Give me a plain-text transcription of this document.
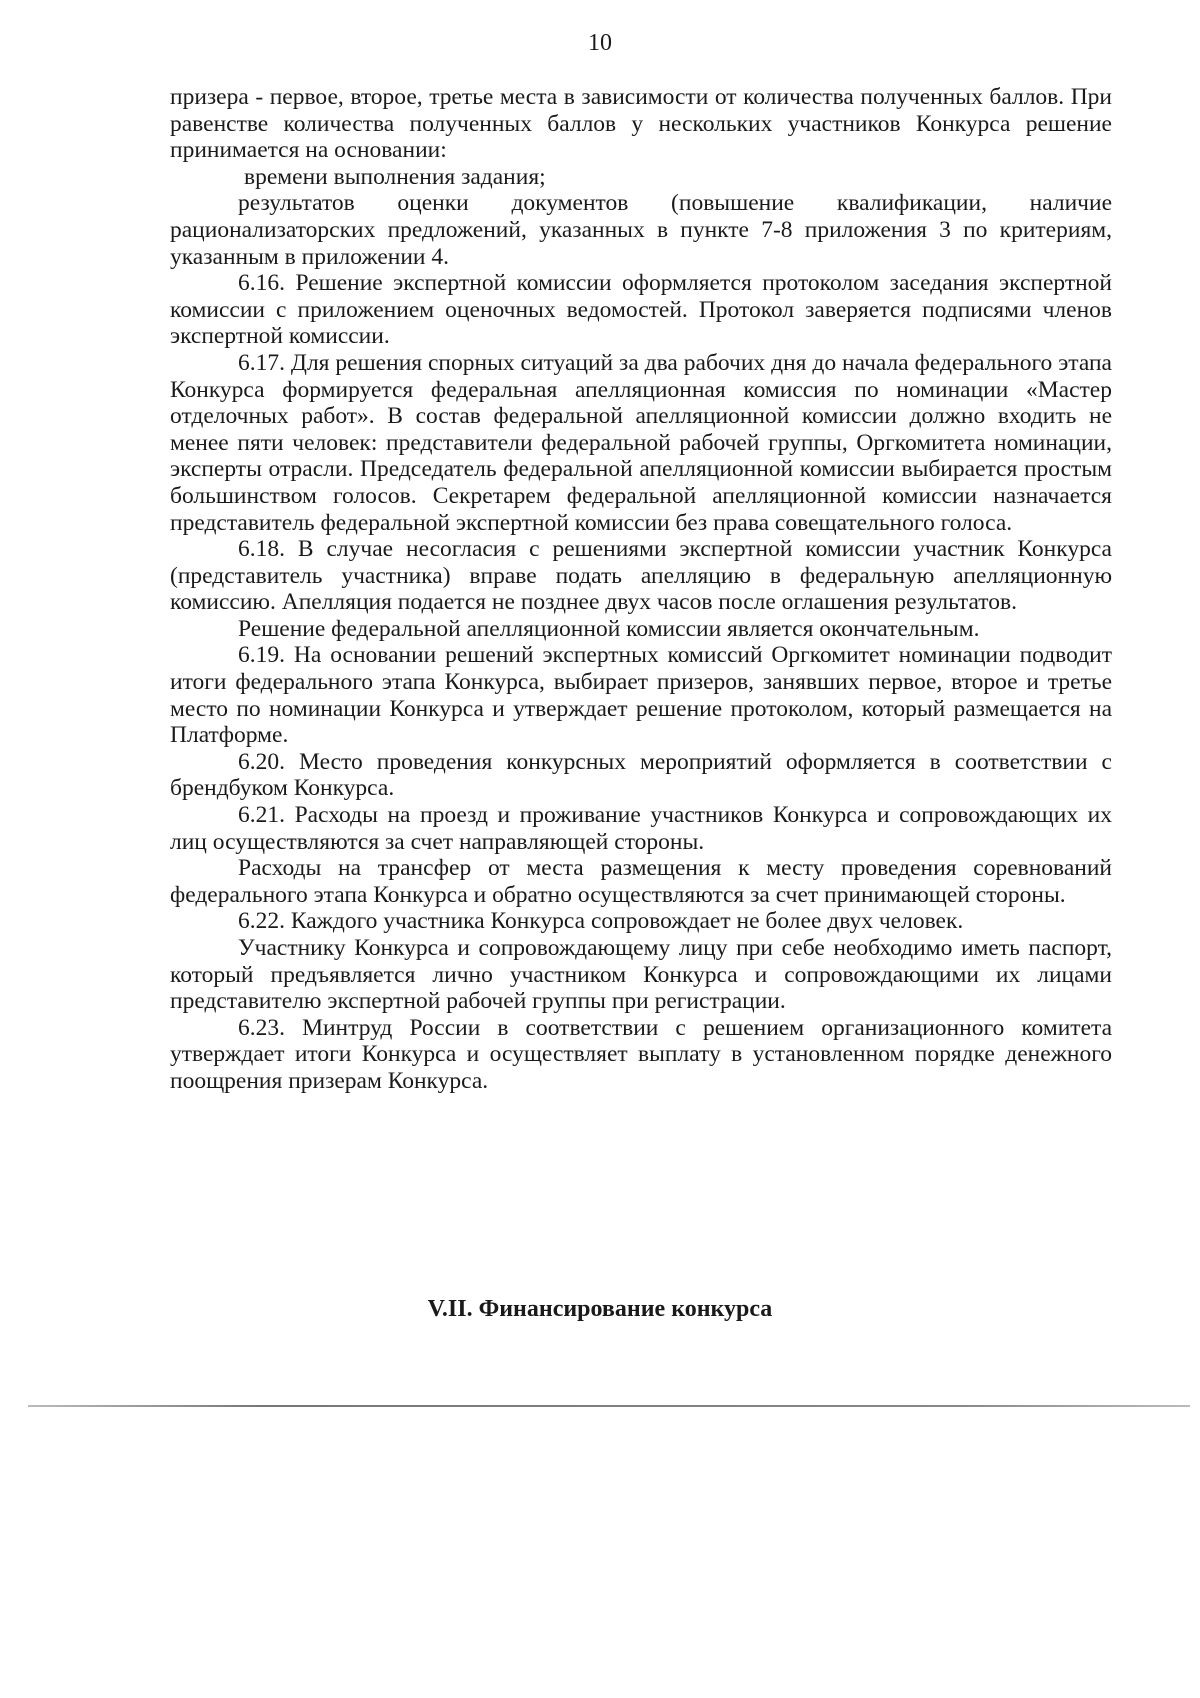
10

призера - первое, второе, третье места в зависимости от количества полученных баллов. При равенстве количества полученных баллов у нескольких участников Конкурса решение принимается на основании:

времени выполнения задания;

результатов оценки документов (повышение квалификации, наличие рационализаторских предложений, указанных в пункте 7-8 приложения 3 по критериям, указанным в приложении 4.

6.16. Решение экспертной комиссии оформляется протоколом заседания экспертной комиссии с приложением оценочных ведомостей. Протокол заверяется подписями членов экспертной комиссии.

6.17. Для решения спорных ситуаций за два рабочих дня до начала федерального этапа Конкурса формируется федеральная апелляционная комиссия по номинации «Мастер отделочных работ». В состав федеральной апелляционной комиссии должно входить не менее пяти человек: представители федеральной рабочей группы, Оргкомитета номинации, эксперты отрасли. Председатель федеральной апелляционной комиссии выбирается простым большинством голосов. Секретарем федеральной апелляционной комиссии назначается представитель федеральной экспертной комиссии без права совещательного голоса.

6.18. В случае несогласия с решениями экспертной комиссии участник Конкурса (представитель участника) вправе подать апелляцию в федеральную апелляционную комиссию. Апелляция подается не позднее двух часов после оглашения результатов.

Решение федеральной апелляционной комиссии является окончательным.

6.19. На основании решений экспертных комиссий Оргкомитет номинации подводит итоги федерального этапа Конкурса, выбирает призеров, занявших первое, второе и третье место по номинации Конкурса и утверждает решение протоколом, который размещается на Платформе.

6.20. Место проведения конкурсных мероприятий оформляется в соответствии с брендбуком Конкурса.

6.21. Расходы на проезд и проживание участников Конкурса и сопровождающих их лиц осуществляются за счет направляющей стороны.

Расходы на трансфер от места размещения к месту проведения соревнований федерального этапа Конкурса и обратно осуществляются за счет принимающей стороны.

6.22. Каждого участника Конкурса сопровождает не более двух человек.

Участнику Конкурса и сопровождающему лицу при себе необходимо иметь паспорт, который предъявляется лично участником Конкурса и сопровождающими их лицами представителю экспертной рабочей группы при регистрации.

6.23. Минтруд России в соответствии с решением организационного комитета утверждает итоги Конкурса и осуществляет выплату в установленном порядке денежного поощрения призерам Конкурса.

V.II. Финансирование конкурса
